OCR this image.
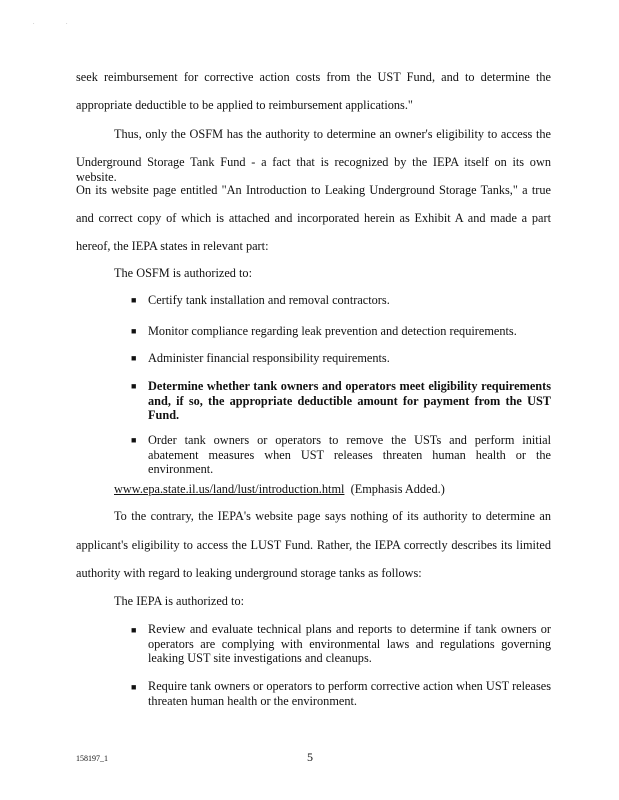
.	.
seek reimbursement for corrective action costs from the UST Fund, and to determine the
appropriate deductible to be applied to reimbursement applications."
Thus, only the OSFM has the authority to determine an owner's eligibility to access the
Underground Storage Tank Fund - a fact that is recognized by the IEPA itself on its own website.
On its website page entitled "An Introduction to Leaking Underground Storage Tanks," a true
and correct copy of which is attached and incorporated herein as Exhibit A and made a part
hereof, the IEPA states in relevant part:
The OSFM is authorized to:
■ Certify tank installation and removal contractors.
■ Monitor compliance regarding leak prevention and detection requirements.
■ Administer financial responsibility requirements.
■ Determine whether tank owners and operators meet eligibility requirements and, if so, the appropriate deductible amount for payment from the UST Fund.
■ Order tank owners or operators to remove the USTs and perform initial abatement measures when UST releases threaten human health or the environment.
www.epa.state.il.us/land/lust/introduction.html (Emphasis Added.)
To the contrary, the IEPA's website page says nothing of its authority to determine an
applicant's eligibility to access the LUST Fund. Rather, the IEPA correctly describes its limited
authority with regard to leaking underground storage tanks as follows:
The IEPA is authorized to:
■ Review and evaluate technical plans and reports to determine if tank owners or operators are complying with environmental laws and regulations governing leaking UST site investigations and cleanups.
■ Require tank owners or operators to perform corrective action when UST releases threaten human health or the environment.
158197_1	5
